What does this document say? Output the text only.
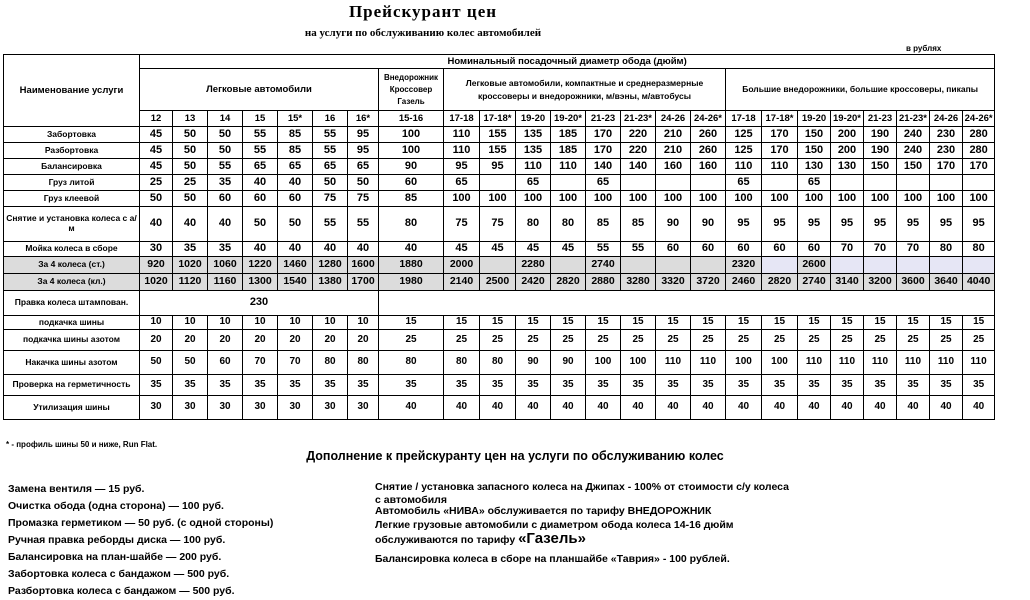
Прейскурант цен
на услуги по обслуживанию колес автомобилей
в рублях
Наименование услуги	Номинальный посадочный диаметр обода (дюйм)																							
	Легковые автомобили							Внедорожник Кроссовер Газель	Легковые автомобили, компактные и среднеразмерные кроссоверы и внедорожники, м/вэны, м/автобусы								Большие внедорожники, большие кроссоверы, пикапы							
	12	13	14	15	15*	16	16*	15-16	17-18	17-18*	19-20	19-20*	21-23	21-23*	24-26	24-26*	17-18	17-18*	19-20	19-20*	21-23	21-23*	24-26	24-26*
Забортовка	45	50	50	55	85	55	95	100	110	155	135	185	170	220	210	260	125	170	150	200	190	240	230	280
Разбортовка	45	50	50	55	85	55	95	100	110	155	135	185	170	220	210	260	125	170	150	200	190	240	230	280
Балансировка	45	50	55	65	65	65	65	90	95	95	110	110	140	140	160	160	110	110	130	130	150	150	170	170
Груз литой	25	25	35	40	40	50	50	60	65		65		65				65		65					
Груз клеевой	50	50	60	60	60	75	75	85	100	100	100	100	100	100	100	100	100	100	100	100	100	100	100	100
Снятие и установка колеса с а/м	40	40	40	50	50	55	55	80	75	75	80	80	85	85	90	90	95	95	95	95	95	95	95	95
Мойка колеса в сборе	30	35	35	40	40	40	40	40	45	45	45	45	55	55	60	60	60	60	60	70	70	70	80	80
За 4 колеса (ст.)	920	1020	1060	1220	1460	1280	1600	1880	2000		2280		2740				2320		2600					
За 4 колеса (кл.)	1020	1120	1160	1300	1540	1380	1700	1980	2140	2500	2420	2820	2880	3280	3320	3720	2460	2820	2740	3140	3200	3600	3640	4040
Правка колеса штампован.	230																							
подкачка шины	10	10	10	10	10	10	10	15	15	15	15	15	15	15	15	15	15	15	15	15	15	15	15	15
подкачка шины азотом	20	20	20	20	20	20	20	25	25	25	25	25	25	25	25	25	25	25	25	25	25	25	25	25
Накачка шины азотом	50	50	60	70	70	80	80	80	80	80	90	90	100	100	110	110	100	100	110	110	110	110	110	110
Проверка на герметичность	35	35	35	35	35	35	35	35	35	35	35	35	35	35	35	35	35	35	35	35	35	35	35	35
Утилизация шины	30	30	30	30	30	30	30	40	40	40	40	40	40	40	40	40	40	40	40	40	40	40	40	40
* - профиль шины 50 и ниже, Run Flat.
Дополнение к прейскуранту цен на услуги по обслуживанию колес
Замена вентиля — 15 руб.
Очистка обода (одна сторона) — 100 руб.
Промазка герметиком — 50 руб. (с одной стороны)
Ручная правка реборды диска — 100 руб.
Балансировка на план-шайбе — 200 руб.
Забортовка колеса с бандажом — 500 руб.
Разбортовка колеса с бандажом — 500 руб.
Снятие / установка запасного колеса на Джипах - 100% от стоимости с/у колеса с автомобиля
Автомобиль «НИВА» обслуживается по тарифу ВНЕДОРОЖНИК
Легкие грузовые автомобили с диаметром обода колеса 14-16 дюйм обслуживаются по тарифу «Газель»
Балансировка колеса в сборе на планшайбе «Таврия» - 100 рублей.
